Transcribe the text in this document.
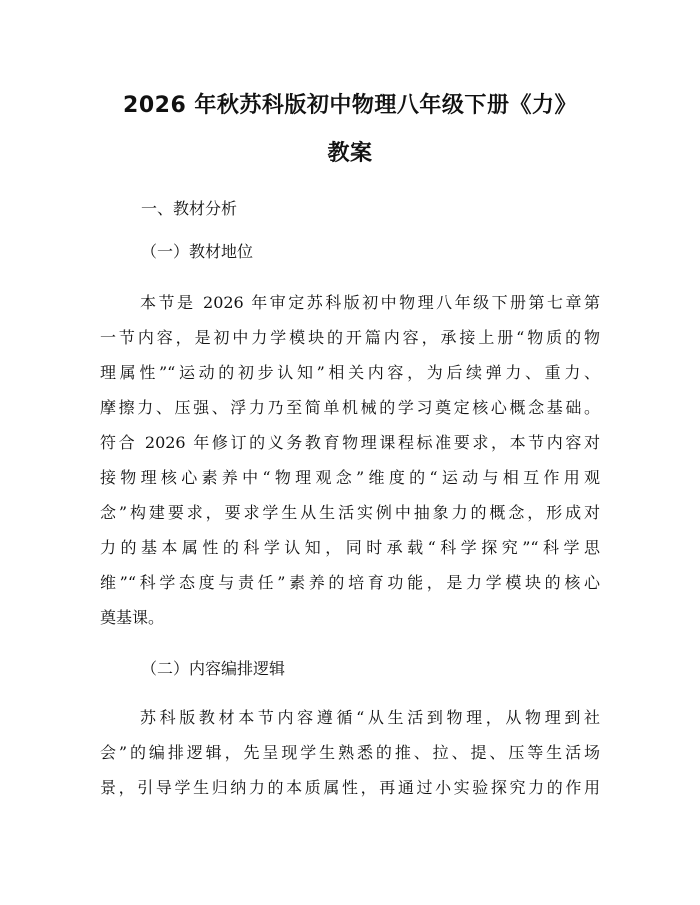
2026 年秋苏科版初中物理八年级下册《力》
教案
一、教材分析
（一）教材地位
本节是 2026 年审定苏科版初中物理八年级下册第七章第
一节内容，是初中力学模块的开篇内容，承接上册“物质的物
理属性”“运动的初步认知”相关内容，为后续弹力、重力、
摩擦力、压强、浮力乃至简单机械的学习奠定核心概念基础。
符合 2026 年修订的义务教育物理课程标准要求，本节内容对
接物理核心素养中“物理观念”维度的“运动与相互作用观
念”构建要求，要求学生从生活实例中抽象力的概念，形成对
力的基本属性的科学认知，同时承载“科学探究”“科学思
维”“科学态度与责任”素养的培育功能，是力学模块的核心
奠基课。
（二）内容编排逻辑
苏科版教材本节内容遵循“从生活到物理，从物理到社
会”的编排逻辑，先呈现学生熟悉的推、拉、提、压等生活场
景，引导学生归纳力的本质属性，再通过小实验探究力的作用
